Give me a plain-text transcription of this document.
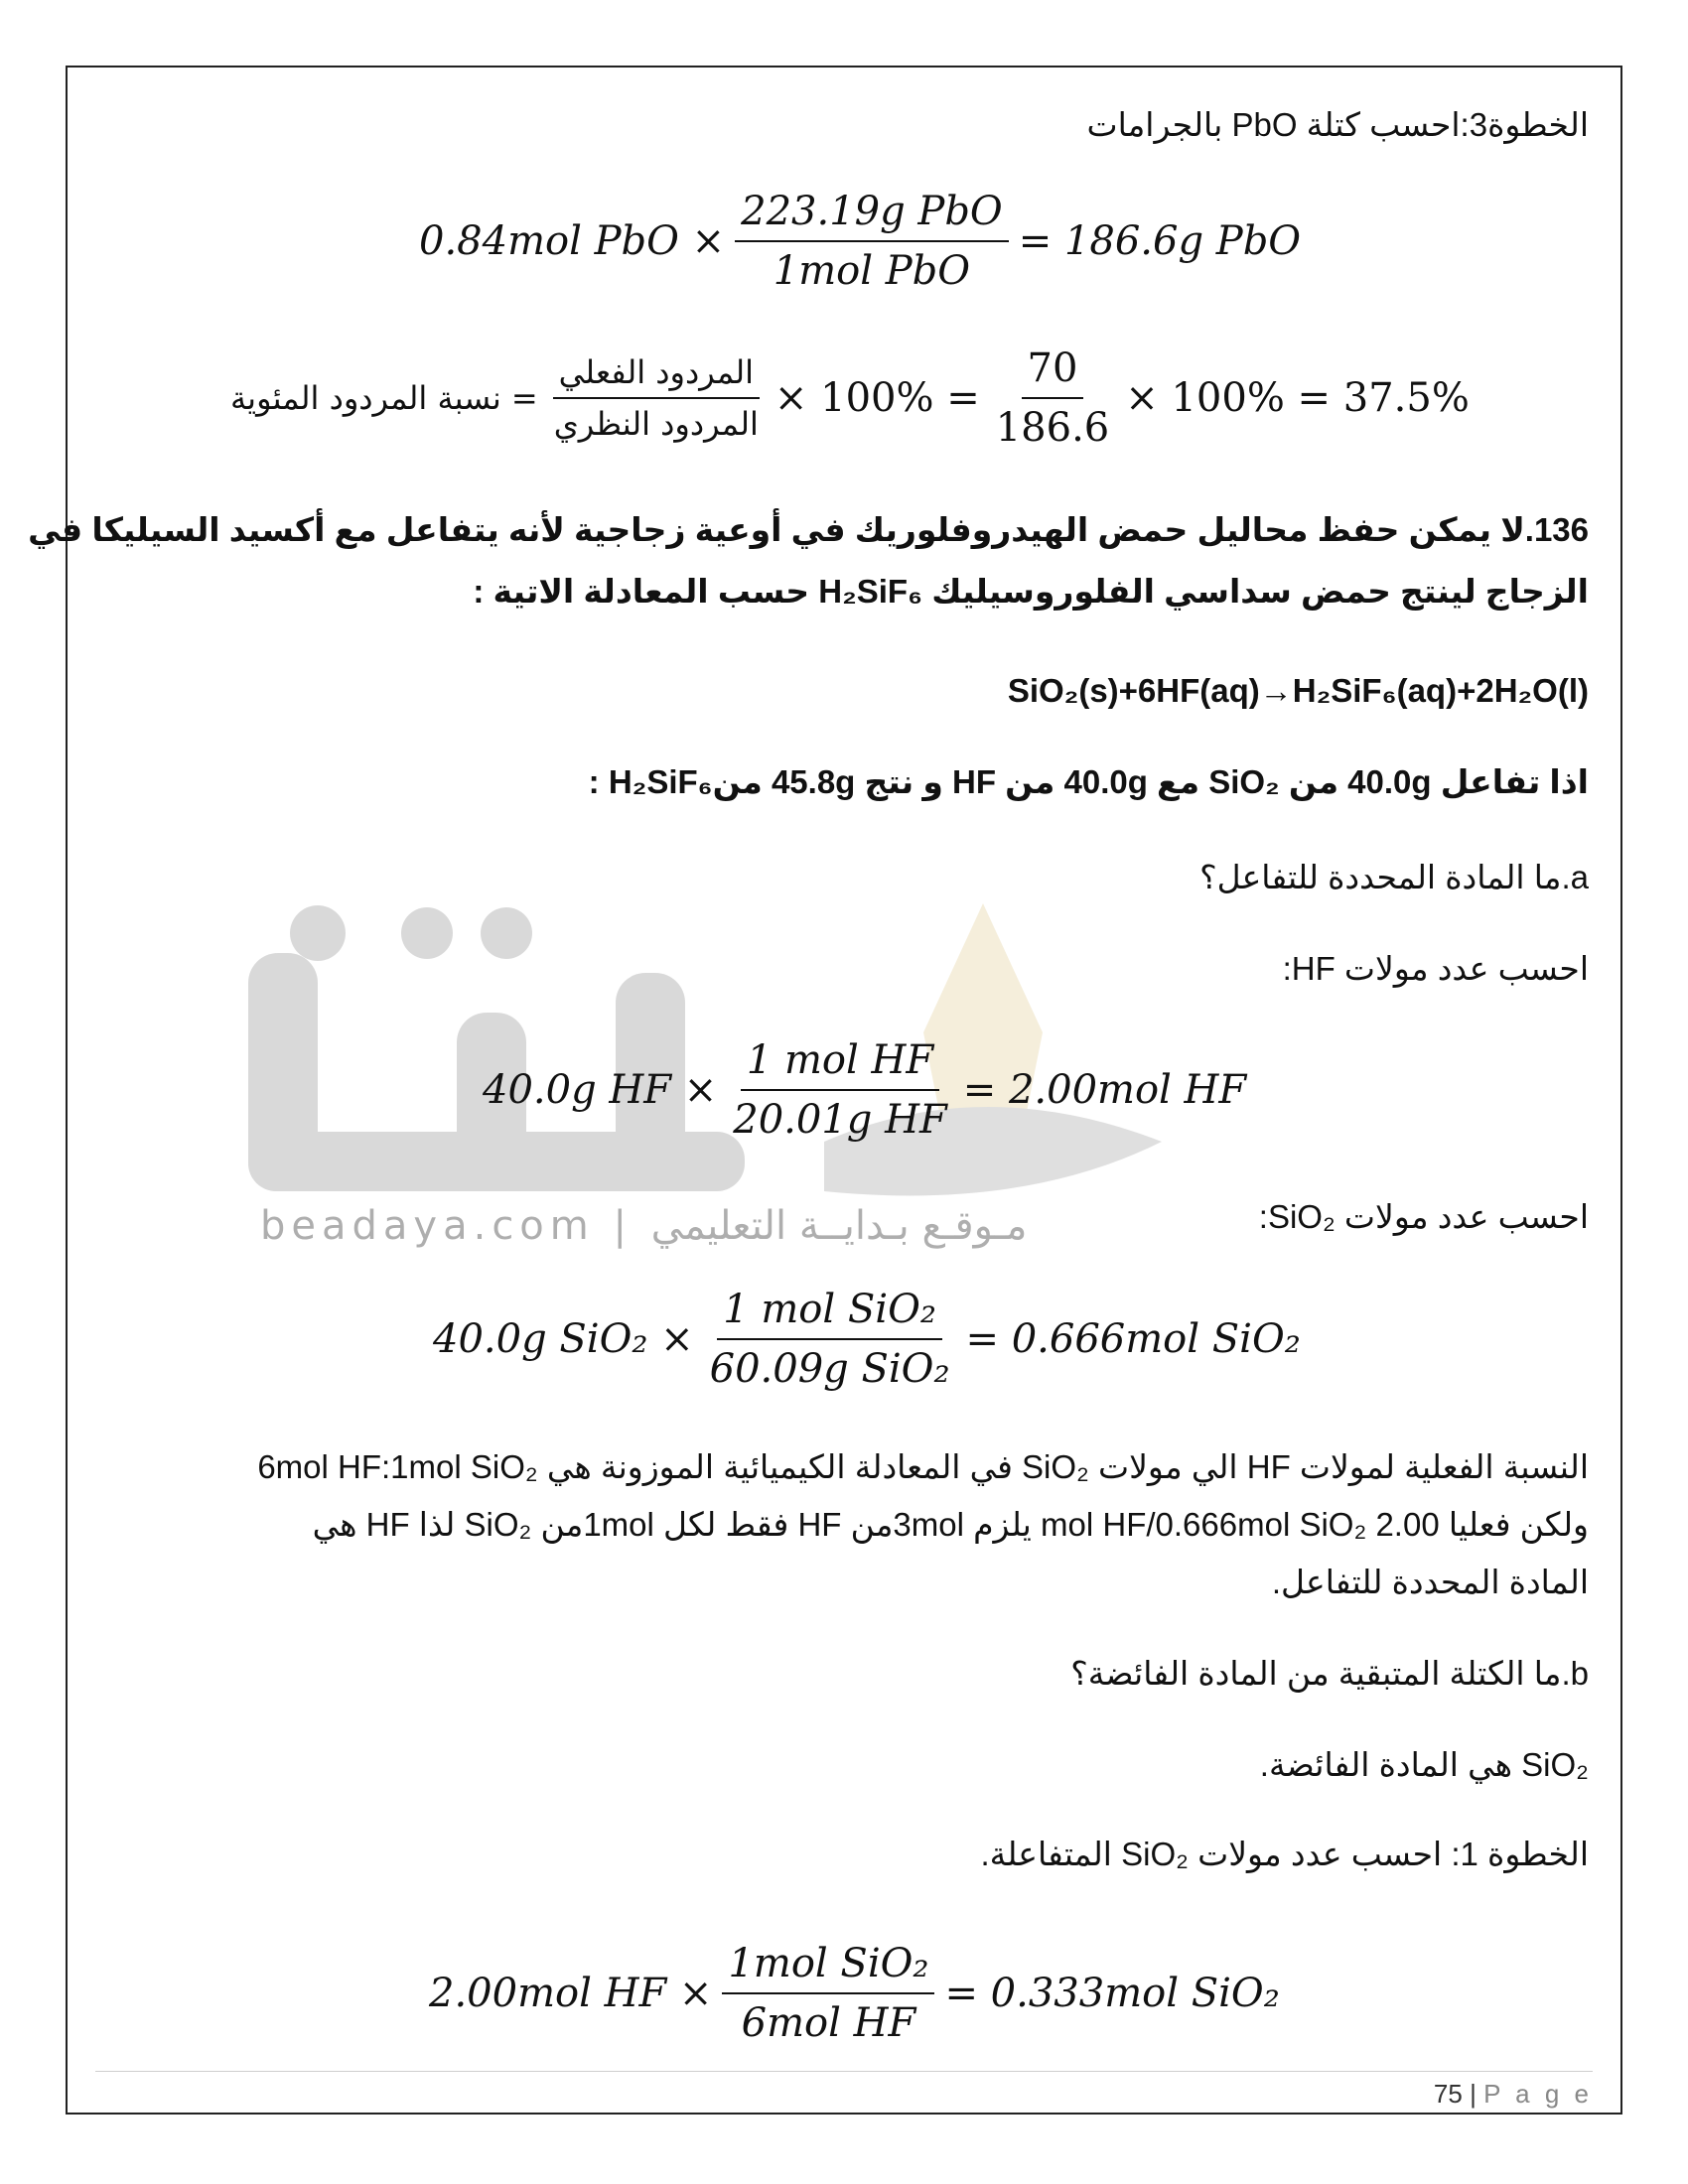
beadaya.com | مـوقـع بـدايــة التعليمي
الخطوة3:احسب كتلة PbO بالجرامات
0.84mol PbO × $\frac{\text{223.19g PbO}}{\text{1mol PbO}} = 186.6g$ PbO
نسبة المردود المئوية = $\frac{\text{المردود الفعلي}}{\text{المردود النظري}} \times 100\% = \frac{70}{186.6} \times 100\% = 37.5\%$
136.لا يمكن حفظ محاليل حمض الهيدروفلوريك في أوعية زجاجية لأنه يتفاعل مع أكسيد السيليكا في
الزجاج لينتج حمض سداسي الفلوروسيليك H₂SiF₆ حسب المعادلة الاتية :
SiO₂(s)+6HF(aq)→H₂SiF₆(aq)+2H₂O(l)
اذا تفاعل 40.0g من SiO₂ مع 40.0g من HF و نتج 45.8g منH₂SiF₆ :
a.ما المادة المحددة للتفاعل؟
احسب عدد مولات HF:
40.0g HF × $\frac{\text{1 mol HF}}{\text{20.01g HF}} = 2.00mol$ HF
احسب عدد مولات SiO₂:
40.0g $SiO_2 \times \frac{\text{1 mol SiO₂}}{\text{60.09g SiO₂}} = 0.666mol$ SiO₂
النسبة الفعلية لمولات HF الي مولات SiO₂ في المعادلة الكيميائية الموزونة هي 6mol HF:1mol SiO₂
ولكن فعليا 2.00 mol HF/0.666mol SiO₂ يلزم 3molمن HF فقط لكل 1molمن SiO₂ لذا HF هي
المادة المحددة للتفاعل.
b.ما الكتلة المتبقية من المادة الفائضة؟
SiO₂ هي المادة الفائضة.
الخطوة 1: احسب عدد مولات SiO₂ المتفاعلة.
2.00mol HF × $\frac{\text{1mol SiO₂}}{\text{6mol HF}} = 0.333mol$ SiO₂
75 | P a g e
